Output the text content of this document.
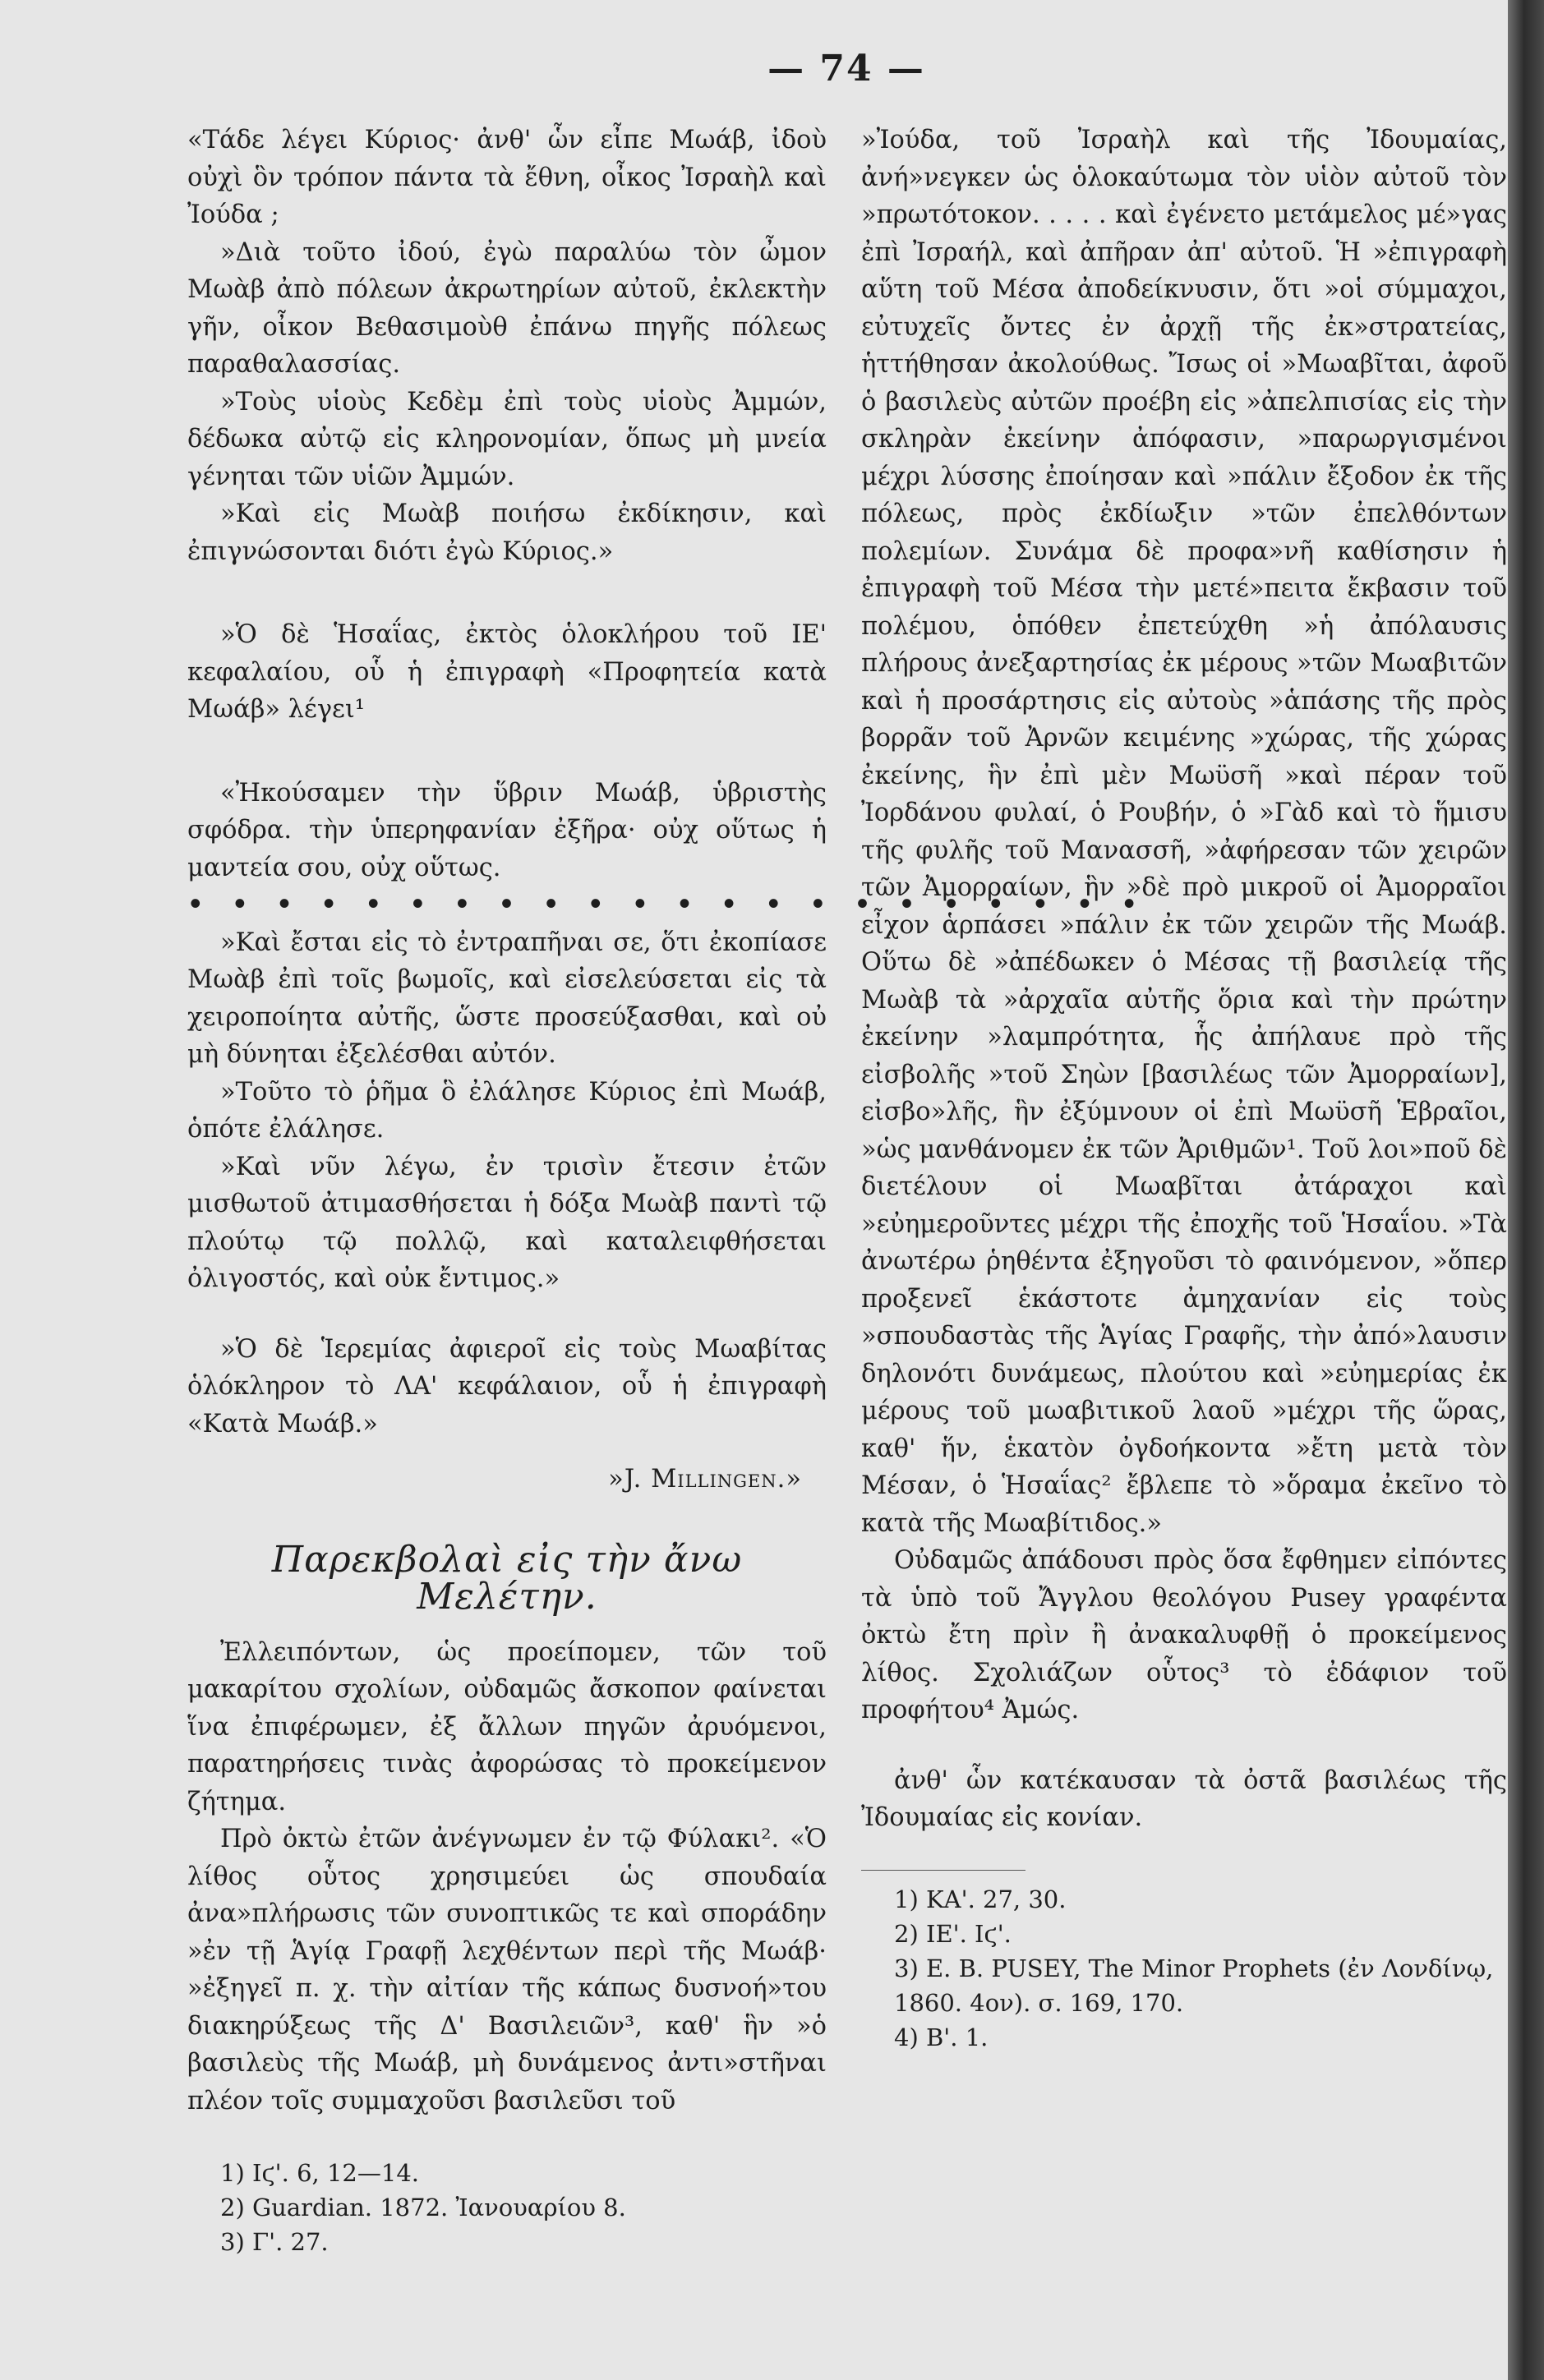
— 74 —

«Τάδε λέγει Κύριος· ἀνθ' ὧν εἶπε Μωάβ, ἰδοὺ οὐχὶ ὃν τρόπον πάντα τὰ ἔθνη, οἶκος Ἰσραὴλ καὶ Ἰούδα ;

»Διὰ τοῦτο ἰδού, ἐγὼ παραλύω τὸν ὦμον Μωὰβ ἀπὸ πόλεων ἀκρωτηρίων αὐτοῦ, ἐκλεκτὴν γῆν, οἶκον Βεθασιμοὺθ ἐπάνω πηγῆς πόλεως παραθαλασσίας.

»Τοὺς υἱοὺς Κεδὲμ ἐπὶ τοὺς υἱοὺς Ἀμμών, δέδωκα αὐτῷ εἰς κληρονομίαν, ὅπως μὴ μνεία γένηται τῶν υἱῶν Ἀμμών.

»Καὶ εἰς Μωὰβ ποιήσω ἐκδίκησιν, καὶ ἐπιγνώσονται διότι ἐγὼ Κύριος.»

»Ὁ δὲ Ἡσαΐας, ἐκτὸς ὁλοκλήρου τοῦ ΙΕ' κεφαλαίου, οὗ ἡ ἐπιγραφὴ «Προφητεία κατὰ Μωάβ» λέγει¹

«Ἠκούσαμεν τὴν ὕβριν Μωάβ, ὑβριστὴς σφόδρα. τὴν ὑπερηφανίαν ἐξῆρα· οὐχ οὕτως ἡ μαντεία σου, οὐχ οὕτως.

• • • • • • • • • • • • • • • • • • • • • •

»Καὶ ἔσται εἰς τὸ ἐντραπῆναι σε, ὅτι ἐκοπίασε Μωὰβ ἐπὶ τοῖς βωμοῖς, καὶ εἰσελεύσεται εἰς τὰ χειροποίητα αὐτῆς, ὥστε προσεύξασθαι, καὶ οὐ μὴ δύνηται ἐξελέσθαι αὐτόν.

»Τοῦτο τὸ ῥῆμα ὃ ἐλάλησε Κύριος ἐπὶ Μωάβ, ὁπότε ἐλάλησε.

»Καὶ νῦν λέγω, ἐν τρισὶν ἔτεσιν ἐτῶν μισθωτοῦ ἀτιμασθήσεται ἡ δόξα Μωὰβ παντὶ τῷ πλούτῳ τῷ πολλῷ, καὶ καταλειφθήσεται ὀλιγοστός, καὶ οὐκ ἔντιμος.»

»Ὁ δὲ Ἱερεμίας ἀφιεροῖ εἰς τοὺς Μωαβίτας ὁλόκληρον τὸ ΛΑ' κεφάλαιον, οὗ ἡ ἐπιγραφὴ «Κατὰ Μωάβ.»

»J. Millingen.»

Παρεκβολαὶ εἰς τὴν ἄνω Μελέτην.

Ἐλλειπόντων, ὡς προείπομεν, τῶν τοῦ μακαρίτου σχολίων, οὐδαμῶς ἄσκοπον φαίνεται ἵνα ἐπιφέρωμεν, ἐξ ἄλλων πηγῶν ἀρυόμενοι, παρατηρήσεις τινὰς ἀφορώσας τὸ προκείμενον ζήτημα.

Πρὸ ὀκτὼ ἐτῶν ἀνέγνωμεν ἐν τῷ Φύλακι². «Ὁ λίθος οὗτος χρησιμεύει ὡς σπουδαία ἀνα»πλήρωσις τῶν συνοπτικῶς τε καὶ σποράδην »ἐν τῇ Ἁγίᾳ Γραφῇ λεχθέντων περὶ τῆς Μωάβ· »ἐξηγεῖ π. χ. τὴν αἰτίαν τῆς κάπως δυσνοή»του διακηρύξεως τῆς Δ' Βασιλειῶν³, καθ' ἣν »ὁ βασιλεὺς τῆς Μωάβ, μὴ δυνάμενος ἀντι»στῆναι πλέον τοῖς συμμαχοῦσι βασιλεῦσι τοῦ

1) Ιϛ'. 6, 12—14.

2) Guardian. 1872. Ἰανουαρίου 8.

3) Γ'. 27.

»Ἰούδα, τοῦ Ἰσραὴλ καὶ τῆς Ἰδουμαίας, ἀνή»νεγκεν ὡς ὁλοκαύτωμα τὸν υἱὸν αὐτοῦ τὸν »πρωτότοκον. . . . . καὶ ἐγένετο μετάμελος μέ»γας ἐπὶ Ἰσραήλ, καὶ ἀπῆραν ἀπ' αὐτοῦ. Ἡ »ἐπιγραφὴ αὕτη τοῦ Μέσα ἀποδείκνυσιν, ὅτι »οἱ σύμμαχοι, εὐτυχεῖς ὄντες ἐν ἀρχῇ τῆς ἐκ»στρατείας, ἡττήθησαν ἀκολούθως. Ἴσως οἱ »Μωαβῖται, ἀφοῦ ὁ βασιλεὺς αὐτῶν προέβη εἰς »ἀπελπισίας εἰς τὴν σκληρὰν ἐκείνην ἀπόφασιν, »παρωργισμένοι μέχρι λύσσης ἐποίησαν καὶ »πάλιν ἔξοδον ἐκ τῆς πόλεως, πρὸς ἐκδίωξιν »τῶν ἐπελθόντων πολεμίων. Συνάμα δὲ προφα»νῆ καθίσησιν ἡ ἐπιγραφὴ τοῦ Μέσα τὴν μετέ»πειτα ἔκβασιν τοῦ πολέμου, ὁπόθεν ἐπετεύχθη »ἡ ἀπόλαυσις πλήρους ἀνεξαρτησίας ἐκ μέρους »τῶν Μωαβιτῶν καὶ ἡ προσάρτησις εἰς αὐτοὺς »ἁπάσης τῆς πρὸς βορρᾶν τοῦ Ἀρνῶν κειμένης »χώρας, τῆς χώρας ἐκείνης, ἣν ἐπὶ μὲν Μωϋσῆ »καὶ πέραν τοῦ Ἰορδάνου φυλαί, ὁ Ρουβήν, ὁ »Γὰδ καὶ τὸ ἥμισυ τῆς φυλῆς τοῦ Μανασσῆ, »ἀφήρεσαν τῶν χειρῶν τῶν Ἀμορραίων, ἣν »δὲ πρὸ μικροῦ οἱ Ἀμορραῖοι εἶχον ἁρπάσει »πάλιν ἐκ τῶν χειρῶν τῆς Μωάβ. Οὕτω δὲ »ἀπέδωκεν ὁ Μέσας τῇ βασιλείᾳ τῆς Μωὰβ τὰ »ἀρχαῖα αὐτῆς ὅρια καὶ τὴν πρώτην ἐκείνην »λαμπρότητα, ἧς ἀπήλαυε πρὸ τῆς εἰσβολῆς »τοῦ Σηὼν [βασιλέως τῶν Ἀμορραίων], εἰσβο»λῆς, ἣν ἐξύμνουν οἱ ἐπὶ Μωϋσῆ Ἑβραῖοι, »ὡς μανθάνομεν ἐκ τῶν Ἀριθμῶν¹. Τοῦ λοι»ποῦ δὲ διετέλουν οἱ Μωαβῖται ἀτάραχοι καὶ »εὐημεροῦντες μέχρι τῆς ἐποχῆς τοῦ Ἡσαΐου. »Τὰ ἀνωτέρω ῥηθέντα ἐξηγοῦσι τὸ φαινόμενον, »ὅπερ προξενεῖ ἑκάστοτε ἀμηχανίαν εἰς τοὺς »σπουδαστὰς τῆς Ἁγίας Γραφῆς, τὴν ἀπό»λαυσιν δηλονότι δυνάμεως, πλούτου καὶ »εὐημερίας ἐκ μέρους τοῦ μωαβιτικοῦ λαοῦ »μέχρι τῆς ὥρας, καθ' ἥν, ἑκατὸν ὀγδοήκοντα »ἔτη μετὰ τὸν Μέσαν, ὁ Ἡσαΐας² ἔβλεπε τὸ »ὅραμα ἐκεῖνο τὸ κατὰ τῆς Μωαβίτιδος.»

Οὐδαμῶς ἀπάδουσι πρὸς ὅσα ἔφθημεν εἰπόντες τὰ ὑπὸ τοῦ Ἄγγλου θεολόγου Pusey γραφέντα ὀκτὼ ἔτη πρὶν ἢ ἀνακαλυφθῇ ὁ προκείμενος λίθος. Σχολιάζων οὗτος³ τὸ ἐδάφιον τοῦ προφήτου⁴ Ἀμώς.

ἀνθ' ὧν κατέκαυσαν τὰ ὀστᾶ βασιλέως τῆς Ἰδουμαίας εἰς κονίαν.

1) ΚΑ'. 27, 30.

2) ΙΕ'. Ιϛ'.

3) E. B. PUSEY, The Minor Prophets (ἐν Λονδίνῳ, 1860. 4ον). σ. 169, 170.

4) Β'. 1.
